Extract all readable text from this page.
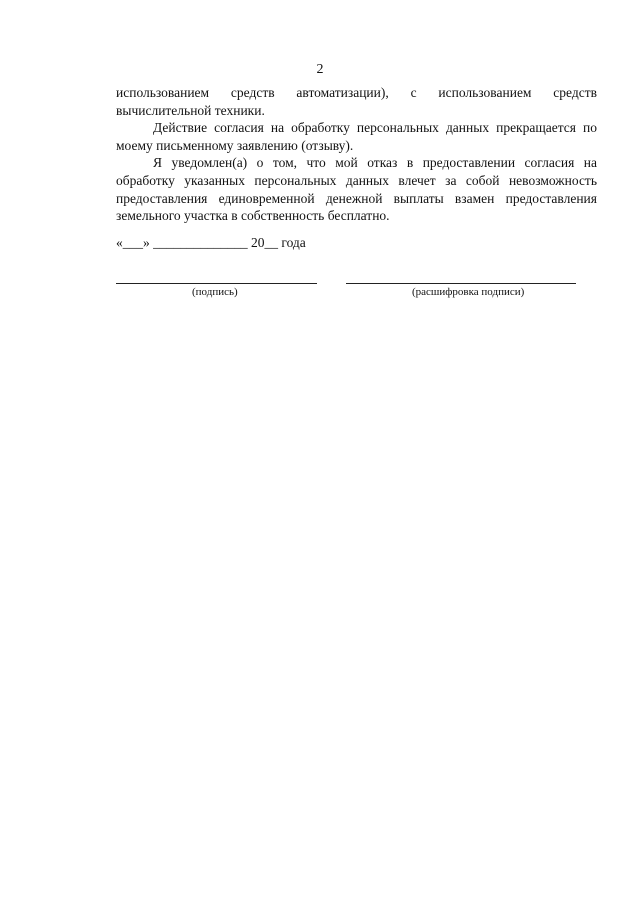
2

использованием средств автоматизации), с использованием средств вычислительной техники.

Действие согласия на обработку персональных данных прекращается по моему письменному заявлению (отзыву).

Я уведомлен(а) о том, что мой отказ в предоставлении согласия на обработку указанных персональных данных влечет за собой невозможность предоставления единовременной денежной выплаты взамен предоставления земельного участка в собственность бесплатно.

«___» ______________ 20__ года
(подпись)	(расшифровка подписи)
